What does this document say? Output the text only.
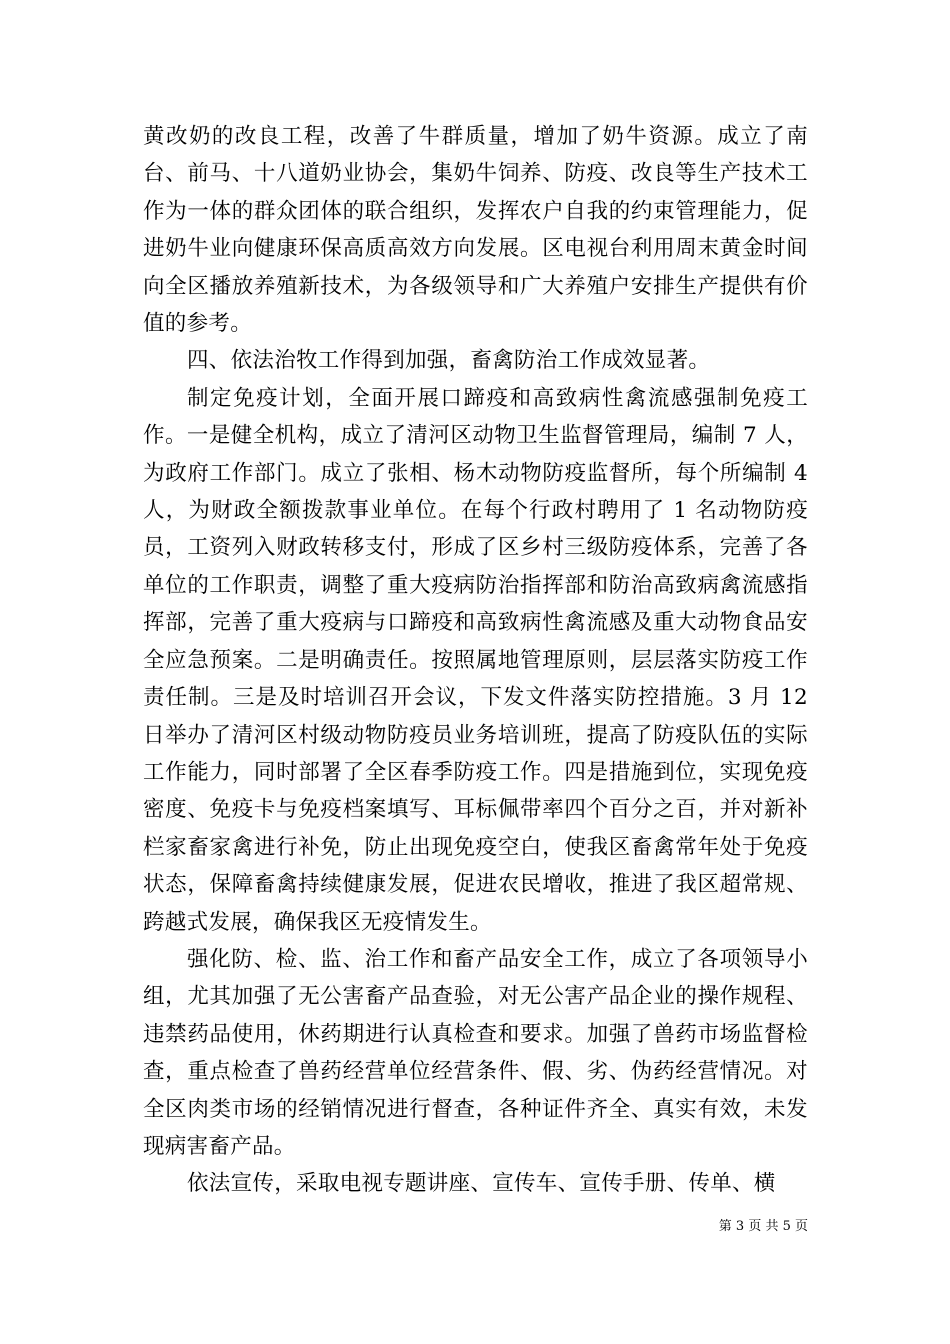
黄改奶的改良工程，改善了牛群质量，增加了奶牛资源。成立了南台、前马、十八道奶业协会，集奶牛饲养、防疫、改良等生产技术工作为一体的群众团体的联合组织，发挥农户自我的约束管理能力，促进奶牛业向健康环保高质高效方向发展。区电视台利用周末黄金时间向全区播放养殖新技术，为各级领导和广大养殖户安排生产提供有价值的参考。

四、依法治牧工作得到加强，畜禽防治工作成效显著。

制定免疫计划，全面开展口蹄疫和高致病性禽流感强制免疫工作。一是健全机构，成立了清河区动物卫生监督管理局，编制 7 人，为政府工作部门。成立了张相、杨木动物防疫监督所，每个所编制 4 人，为财政全额拨款事业单位。在每个行政村聘用了 1 名动物防疫员，工资列入财政转移支付，形成了区乡村三级防疫体系，完善了各单位的工作职责，调整了重大疫病防治指挥部和防治高致病禽流感指挥部，完善了重大疫病与口蹄疫和高致病性禽流感及重大动物食品安全应急预案。二是明确责任。按照属地管理原则，层层落实防疫工作责任制。三是及时培训召开会议，下发文件落实防控措施。3 月 12 日举办了清河区村级动物防疫员业务培训班，提高了防疫队伍的实际工作能力，同时部署了全区春季防疫工作。四是措施到位，实现免疫密度、免疫卡与免疫档案填写、耳标佩带率四个百分之百，并对新补栏家畜家禽进行补免，防止出现免疫空白，使我区畜禽常年处于免疫状态，保障畜禽持续健康发展，促进农民增收，推进了我区超常规、跨越式发展，确保我区无疫情发生。

强化防、检、监、治工作和畜产品安全工作，成立了各项领导小组，尤其加强了无公害畜产品查验，对无公害产品企业的操作规程、违禁药品使用，休药期进行认真检查和要求。加强了兽药市场监督检查，重点检查了兽药经营单位经营条件、假、劣、伪药经营情况。对全区肉类市场的经销情况进行督查，各种证件齐全、真实有效，未发现病害畜产品。

依法宣传，采取电视专题讲座、宣传车、宣传手册、传单、横

第 3 页 共 5 页
